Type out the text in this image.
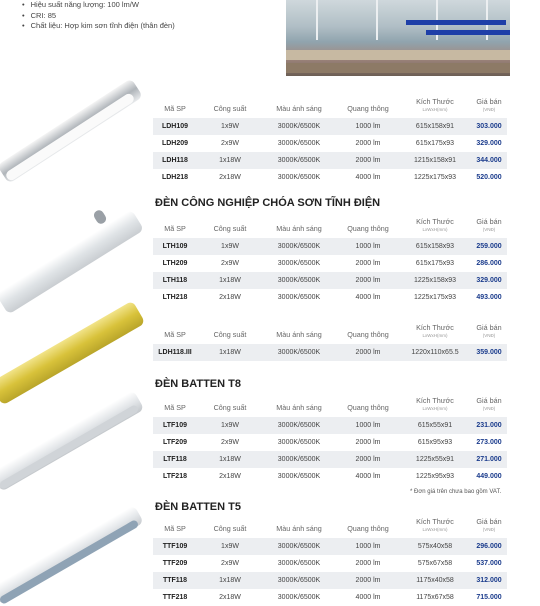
• Hiệu suất năng lượng: 100 lm/W
• CRI: 85
• Chất liệu: Hợp kim sơn tĩnh điện (thân đèn)
ĐÈN CÔNG NGHIỆP CHÓA SƠN TĨNH ĐIỆN
ĐÈN BATTEN T8
ĐÈN BATTEN T5
Mã SP	Công suất	Màu ánh sáng	Quang thông
Kích Thước
LxWxH(mm)
Giá bán
(VNĐ)
LDH109	1x9W	3000K/6500K	1000 lm	615x158x91	303.000
LDH209	2x9W	3000K/6500K	2000 lm	615x175x93	329.000
LDH118	1x18W	3000K/6500K	2000 lm	1215x158x91	344.000
LDH218	2x18W	3000K/6500K	4000 lm	1225x175x93	520.000
Mã SP	Công suất	Màu ánh sáng	Quang thông
Kích Thước
LxWxH(mm)
Giá bán
(VNĐ)
LTH109	1x9W	3000K/6500K	1000 lm	615x158x93	259.000
LTH209	2x9W	3000K/6500K	2000 lm	615x175x93	286.000
LTH118	1x18W	3000K/6500K	2000 lm	1225x158x93	329.000
LTH218	2x18W	3000K/6500K	4000 lm	1225x175x93	493.000
Mã SP	Công suất	Màu ánh sáng	Quang thông
Kích Thước
LxWxH(mm)
Giá bán
(VNĐ)
LDH118.III	1x18W	3000K/6500K	2000 lm	1220x110x65.5	359.000
Mã SP	Công suất	Màu ánh sáng	Quang thông
Kích Thước
LxWxH(mm)
Giá bán
(VNĐ)
LTF109	1x9W	3000K/6500K	1000 lm	615x55x91	231.000
LTF209	2x9W	3000K/6500K	2000 lm	615x95x93	273.000
LTF118	1x18W	3000K/6500K	2000 lm	1225x55x91	271.000
LTF218	2x18W	3000K/6500K	4000 lm	1225x95x93	449.000
Mã SP	Công suất	Màu ánh sáng	Quang thông
Kích Thước
LxWxH(mm)
Giá bán
(VNĐ)
TTF109	1x9W	3000K/6500K	1000 lm	575x40x58	296.000
TTF209	2x9W	3000K/6500K	2000 lm	575x67x58	537.000
TTF118	1x18W	3000K/6500K	2000 lm	1175x40x58	312.000
TTF218	2x18W	3000K/6500K	4000 lm	1175x67x58	715.000
* Đơn giá trên chưa bao gồm VAT.
